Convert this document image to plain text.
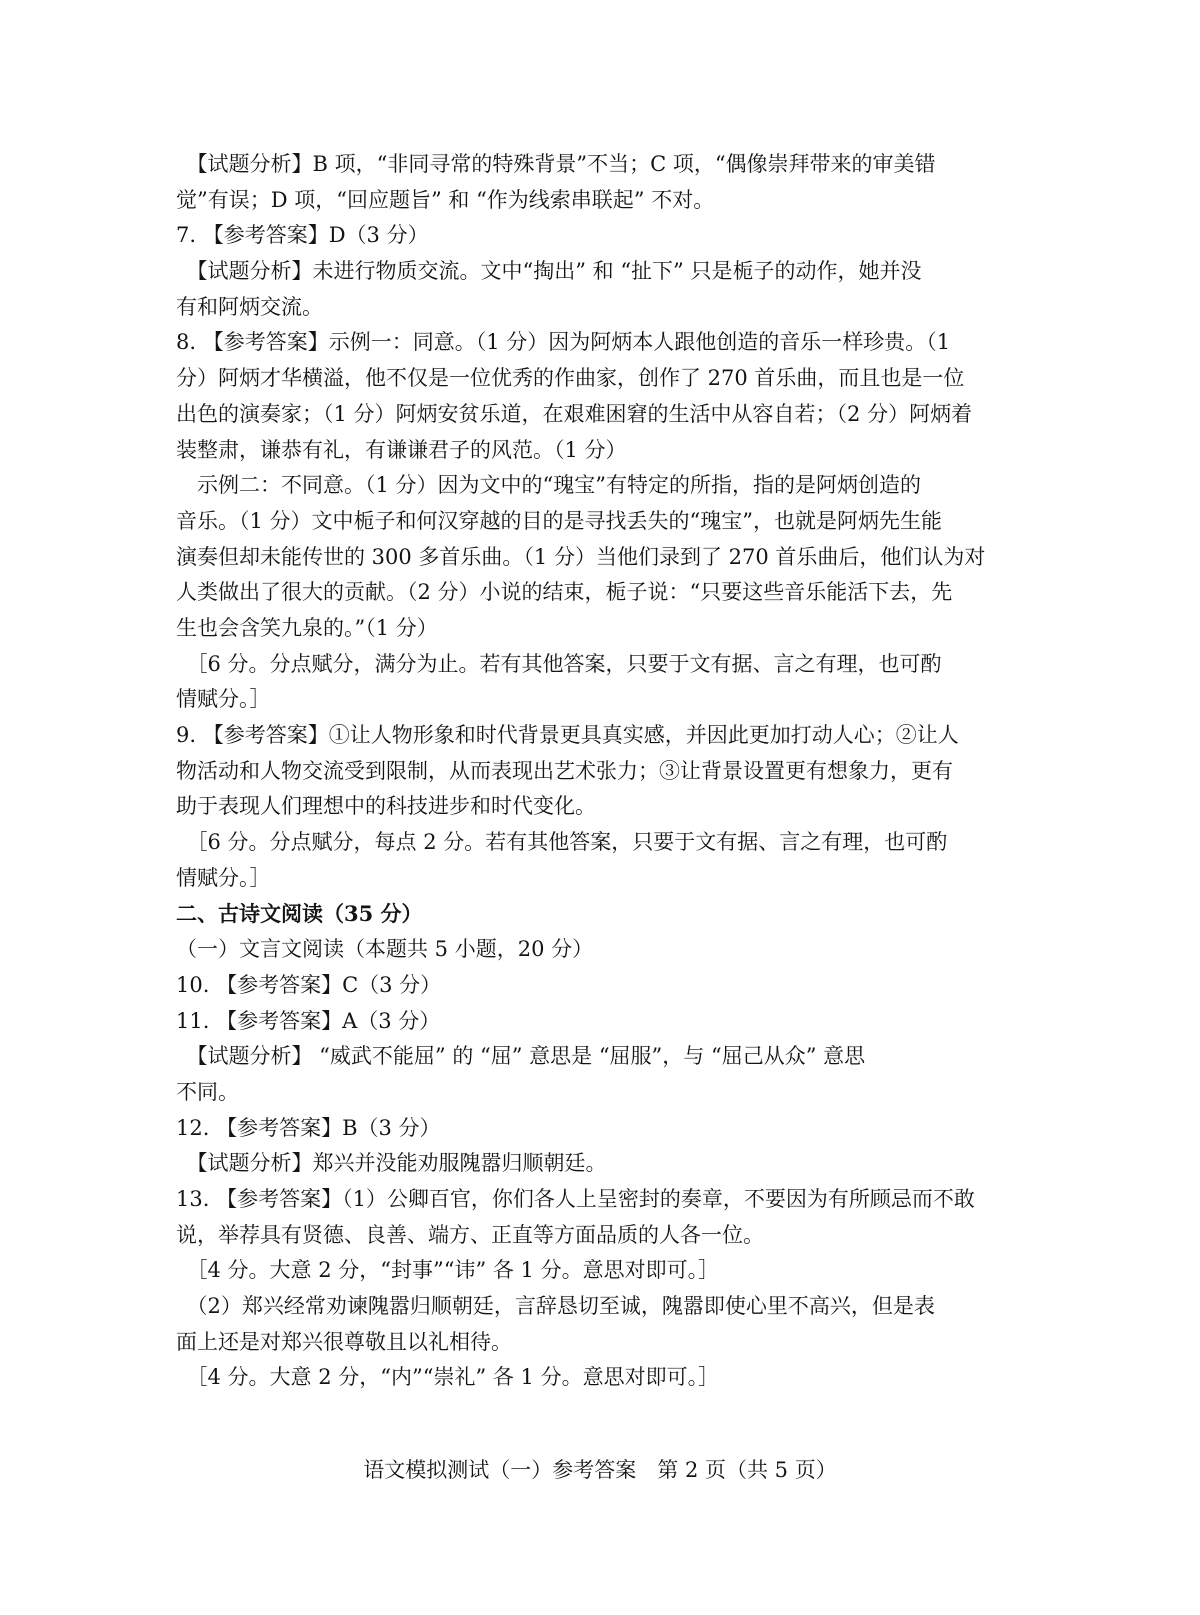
　【试题分析】B 项，“非同寻常的特殊背景”不当；C 项，“偶像崇拜带来的审美错
觉”有误；D 项，“回应题旨” 和 “作为线索串联起” 不对。
7. 【参考答案】D（3 分）
　【试题分析】未进行物质交流。文中“掏出” 和 “扯下” 只是栀子的动作，她并没
有和阿炳交流。
8. 【参考答案】示例一：同意。（1 分）因为阿炳本人跟他创造的音乐一样珍贵。（1
分）阿炳才华横溢，他不仅是一位优秀的作曲家，创作了 270 首乐曲，而且也是一位
出色的演奏家；（1 分）阿炳安贫乐道，在艰难困窘的生活中从容自若；（2 分）阿炳着
装整肃，谦恭有礼，有谦谦君子的风范。（1 分）
　示例二：不同意。（1 分）因为文中的“瑰宝”有特定的所指，指的是阿炳创造的
音乐。（1 分）文中栀子和何汉穿越的目的是寻找丢失的“瑰宝”，也就是阿炳先生能
演奏但却未能传世的 300 多首乐曲。（1 分）当他们录到了 270 首乐曲后，他们认为对
人类做出了很大的贡献。（2 分）小说的结束，栀子说：“只要这些音乐能活下去，先
生也会含笑九泉的。”（1 分）
　［6 分。分点赋分，满分为止。若有其他答案，只要于文有据、言之有理，也可酌
情赋分。］
9. 【参考答案】①让人物形象和时代背景更具真实感，并因此更加打动人心；②让人
物活动和人物交流受到限制，从而表现出艺术张力；③让背景设置更有想象力，更有
助于表现人们理想中的科技进步和时代变化。
　［6 分。分点赋分，每点 2 分。若有其他答案，只要于文有据、言之有理，也可酌
情赋分。］
二、古诗文阅读（35 分）
（一）文言文阅读（本题共 5 小题，20 分）
10. 【参考答案】C（3 分）
11. 【参考答案】A（3 分）
　【试题分析】 “威武不能屈” 的 “屈” 意思是 “屈服”，与 “屈己从众” 意思
不同。
12. 【参考答案】B（3 分）
　【试题分析】郑兴并没能劝服隗嚣归顺朝廷。
13. 【参考答案】（1）公卿百官，你们各人上呈密封的奏章，不要因为有所顾忌而不敢
说，举荐具有贤德、良善、端方、正直等方面品质的人各一位。
　［4 分。大意 2 分，“封事”“讳” 各 1 分。意思对即可。］
　（2）郑兴经常劝谏隗嚣归顺朝廷，言辞恳切至诚，隗嚣即使心里不高兴，但是表
面上还是对郑兴很尊敬且以礼相待。
　［4 分。大意 2 分，“内”“崇礼” 各 1 分。意思对即可。］
语文模拟测试（一）参考答案　第 2 页（共 5 页）
